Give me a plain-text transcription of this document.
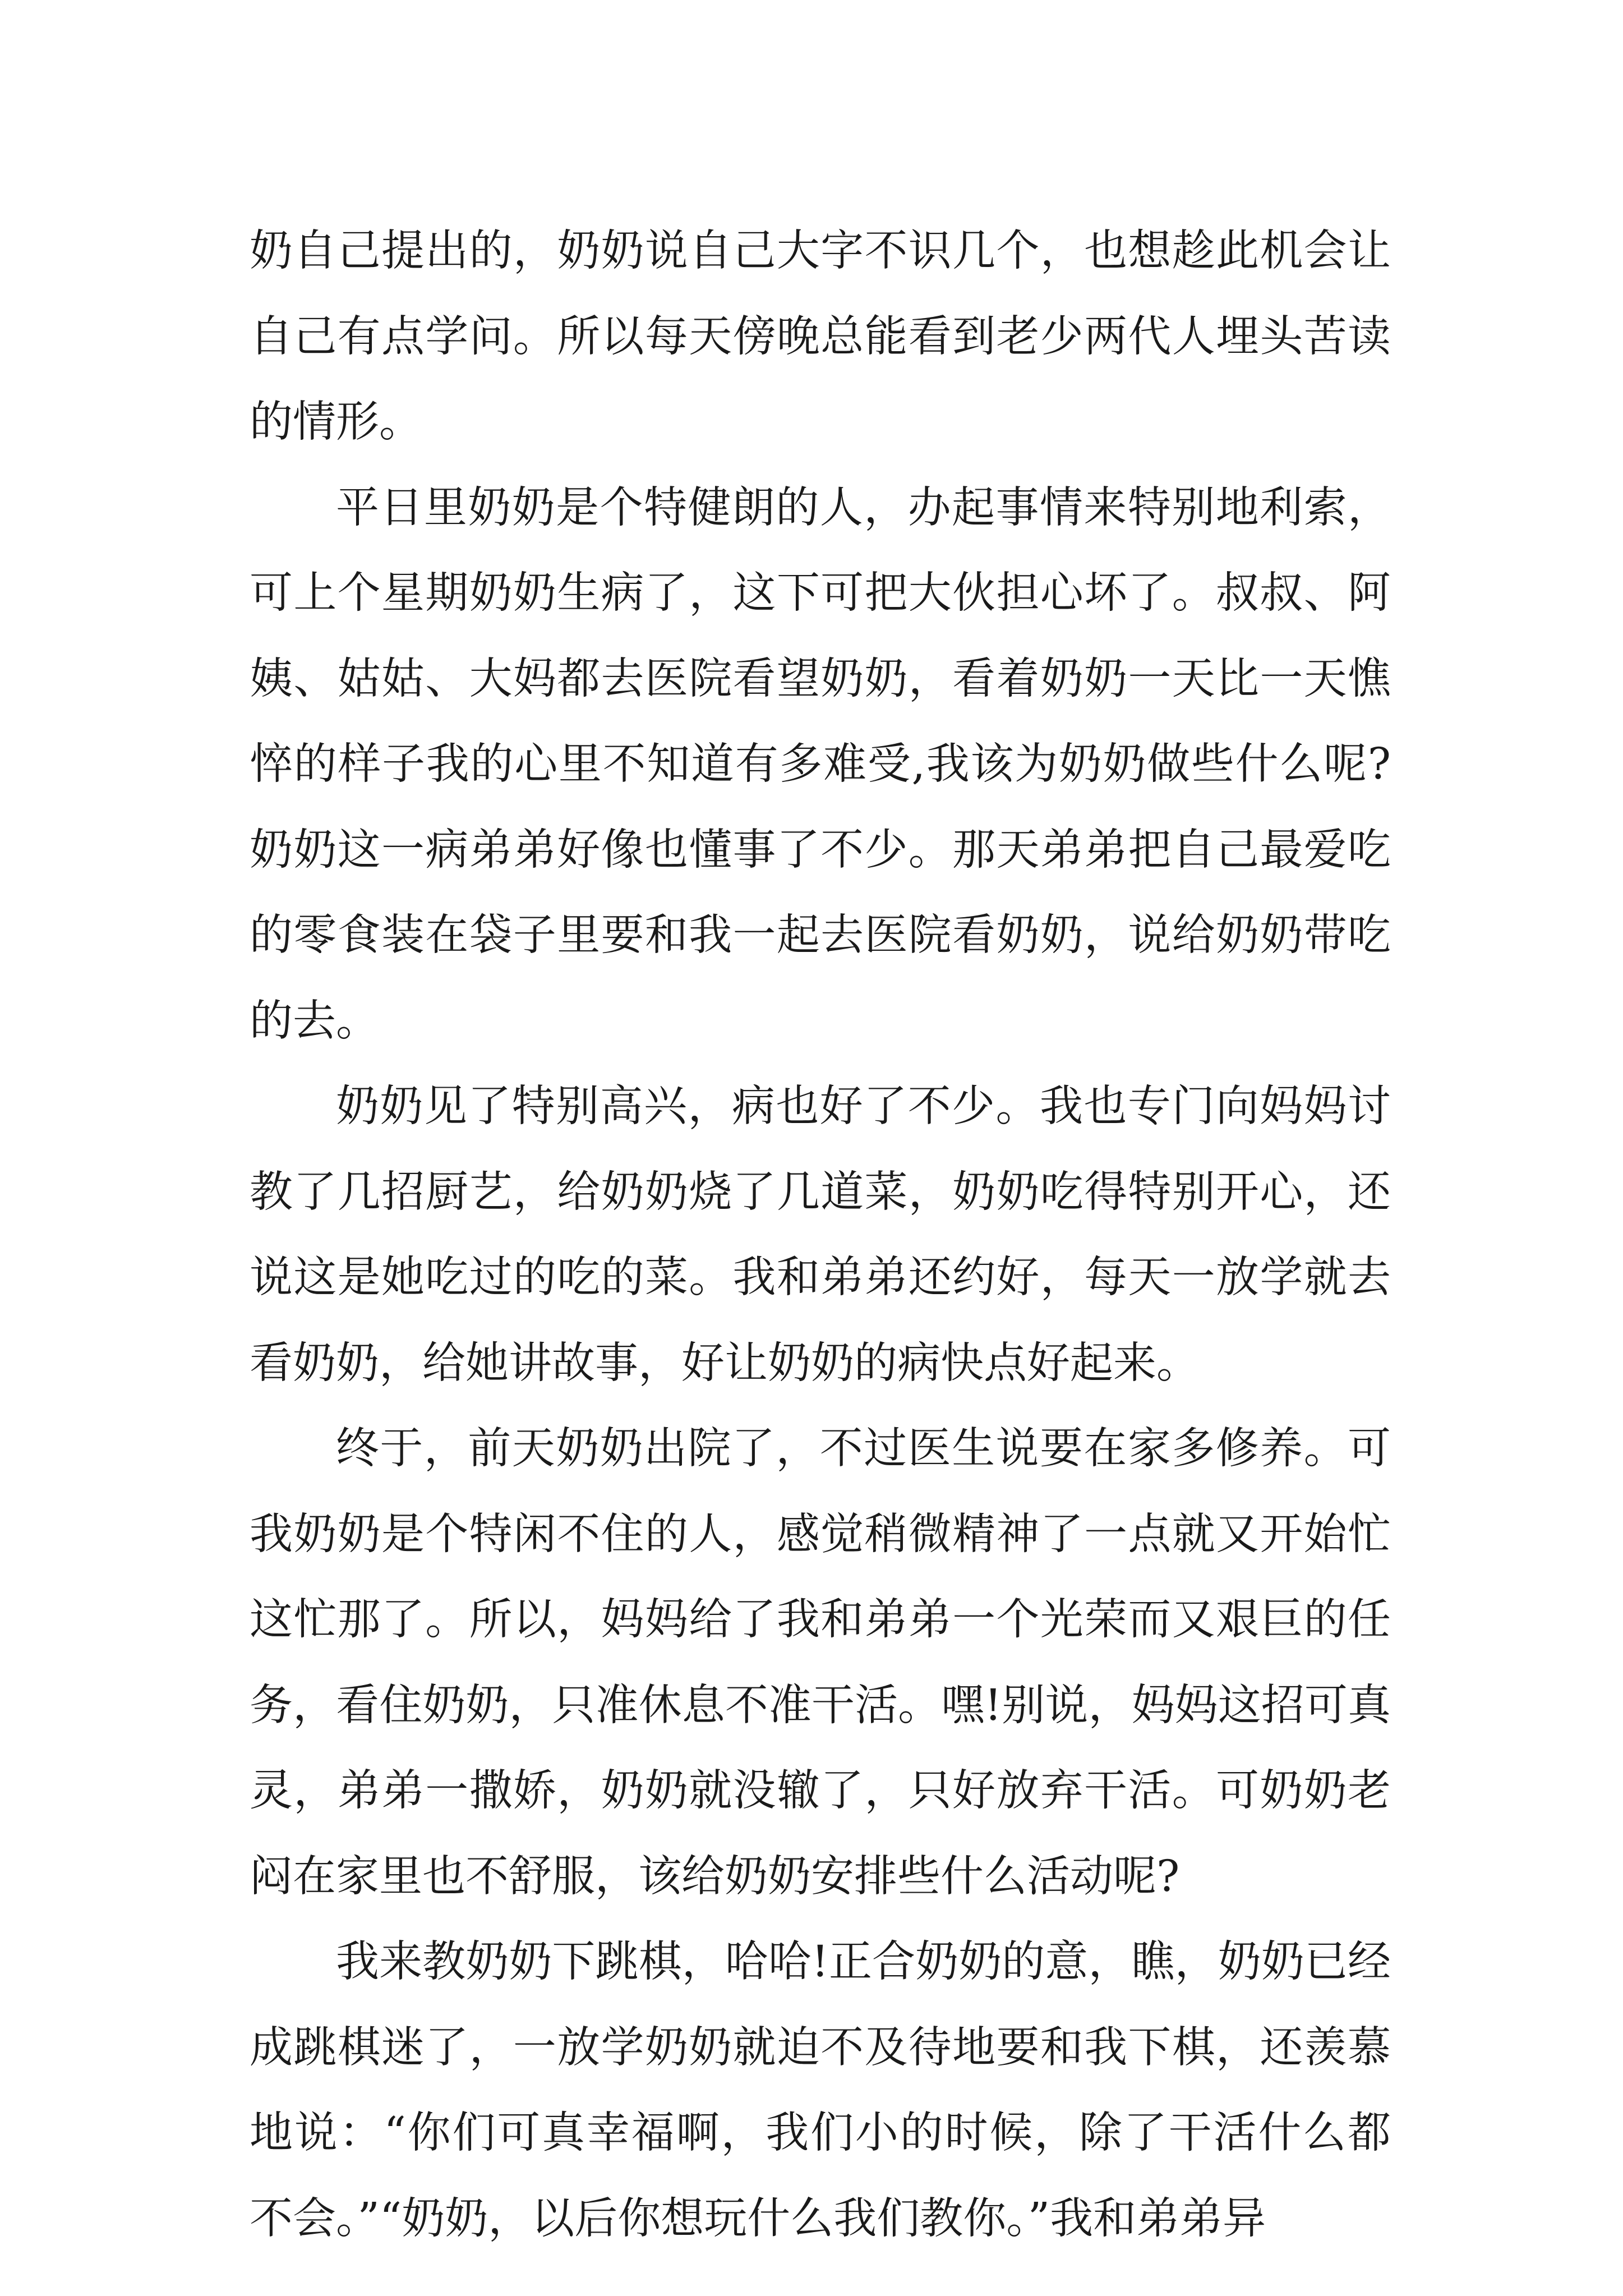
奶自己提出的，奶奶说自己大字不识几个，也想趁此机会让自己有点学问。所以每天傍晚总能看到老少两代人埋头苦读的情形。

平日里奶奶是个特健朗的人，办起事情来特别地利索，可上个星期奶奶生病了，这下可把大伙担心坏了。叔叔、阿姨、姑姑、大妈都去医院看望奶奶，看着奶奶一天比一天憔悴的样子我的心里不知道有多难受,我该为奶奶做些什么呢?奶奶这一病弟弟好像也懂事了不少。那天弟弟把自己最爱吃的零食装在袋子里要和我一起去医院看奶奶，说给奶奶带吃的去。

奶奶见了特别高兴，病也好了不少。我也专门向妈妈讨教了几招厨艺，给奶奶烧了几道菜，奶奶吃得特别开心，还说这是她吃过的吃的菜。我和弟弟还约好，每天一放学就去看奶奶，给她讲故事，好让奶奶的病快点好起来。

终于，前天奶奶出院了，不过医生说要在家多修养。可我奶奶是个特闲不住的人，感觉稍微精神了一点就又开始忙这忙那了。所以，妈妈给了我和弟弟一个光荣而又艰巨的任务，看住奶奶，只准休息不准干活。嘿!别说，妈妈这招可真灵，弟弟一撒娇，奶奶就没辙了，只好放弃干活。可奶奶老闷在家里也不舒服，该给奶奶安排些什么活动呢?

我来教奶奶下跳棋，哈哈!正合奶奶的意，瞧，奶奶已经成跳棋迷了，一放学奶奶就迫不及待地要和我下棋，还羡慕地说：“你们可真幸福啊，我们小的时候，除了干活什么都不会。”“奶奶，以后你想玩什么我们教你。”我和弟弟异
